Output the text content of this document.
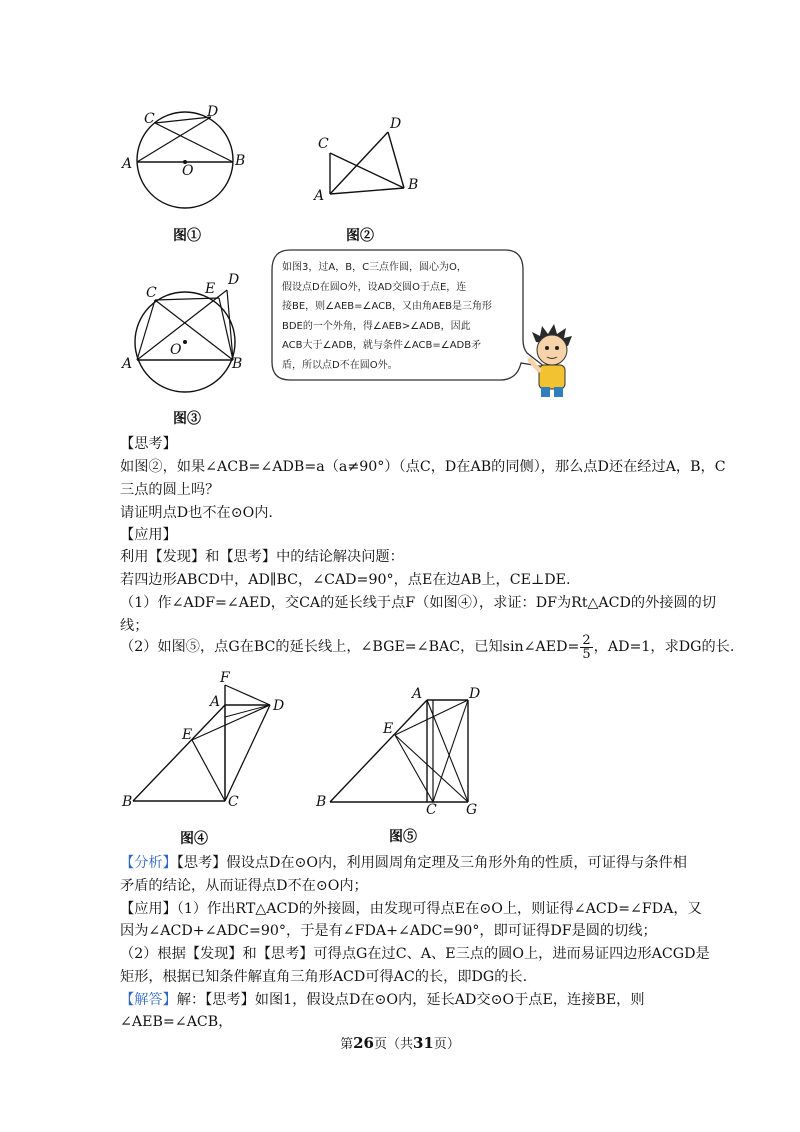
A	B
C	D
O
图①
A
B
C
D
图②
A	B
C
D
E
O
图③
如图3，过A，B，C三点作圆，圆心为O，
假设点D在圆O外，设AD交圆O于点E，连
接BE，则∠AEB=∠ACB，又由角AEB是三角形
BDE的一个外角，得∠AEB>∠ADB，因此
ACB大于∠ADB，就与条件∠ACB=∠ADB矛
盾，所以点D不在圆O外。
【思考】
如图②，如果∠ACB=∠ADB=a（a≠90°）（点C，D在AB的同侧），那么点D还在经过A，B，C
三点的圆上吗？
请证明点D也不在⊙O内.
【应用】
利用【发现】和【思考】中的结论解决问题：
若四边形ABCD中，AD∥BC，∠CAD=90°，点E在边AB上，CE⊥DE.
（1）作∠ADF=∠AED，交CA的延长线于点F（如图④），求证：DF为Rt△ACD的外接圆的切
线；
（2）如图⑤，点G在BC的延长线上，∠BGE=∠BAC，已知sin∠AED= $\frac{2}{5}$ ，AD=1，求DG的长.
F
A	D
E
B	C
图④
A	D
E
B	C G
图⑤
【分析】【思考】假设点D在⊙O内，利用圆周角定理及三角形外角的性质，可证得与条件相
矛盾的结论，从而证得点D不在⊙O内；
【应用】（1）作出RT△ACD的外接圆，由发现可得点E在⊙O上，则证得∠ACD=∠FDA，又
因为∠ACD+∠ADC=90°，于是有∠FDA+∠ADC=90°，即可证得DF是圆的切线；
（2）根据【发现】和【思考】可得点G在过C、A、E三点的圆O上，进而易证四边形ACGD是
矩形，根据已知条件解直角三角形ACD可得AC的长，即DG的长.
【解答】解：【思考】如图1，假设点D在⊙O内，延长AD交⊙O于点E，连接BE，则
∠AEB=∠ACB，
第26页（共31页）
